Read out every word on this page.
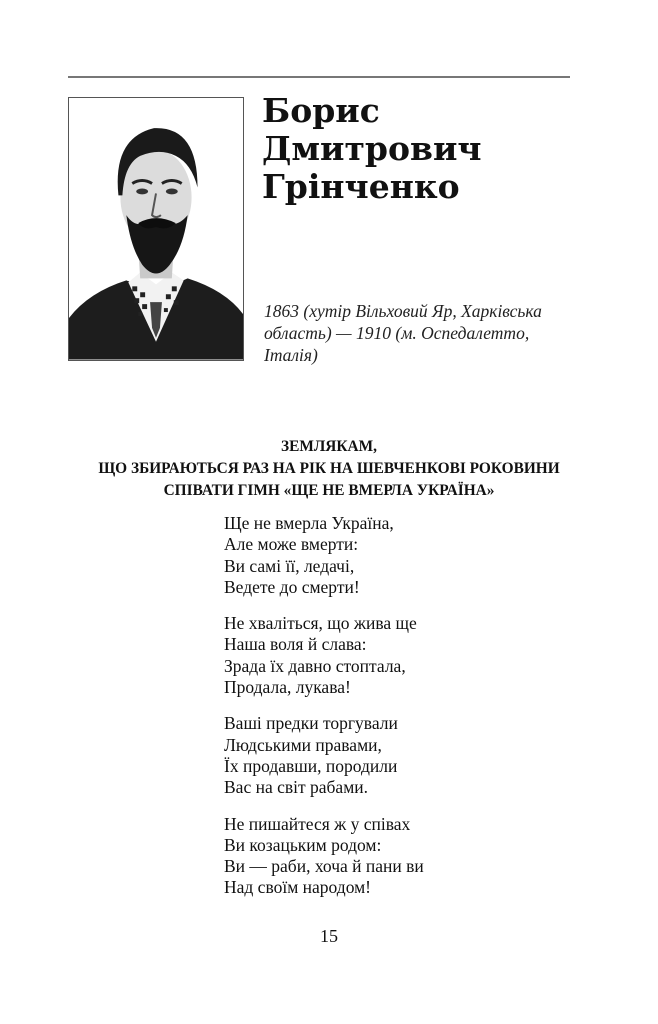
Борис
Дмитрович
Грінченко
1863 (хутір Вільховий Яр, Харківська
область) — 1910 (м. Оспедалетто,
Італія)
ЗЕМЛЯКАМ,
ЩО ЗБИРАЮТЬСЯ РАЗ НА РІК НА ШЕВЧЕНКОВІ РОКОВИНИ
СПІВАТИ ГІМН «ЩЕ НЕ ВМЕРЛА УКРАЇНА»
Ще не вмерла Україна,
Але може вмерти:
Ви самі її, ледачі,
Ведете до смерти!
Не хваліться, що жива ще
Наша воля й слава:
Зрада їх давно стоптала,
Продала, лукава!
Ваші предки торгували
Людськими правами,
Їх продавши, породили
Вас на світ рабами.
Не пишайтеся ж у співах
Ви козацьким родом:
Ви — раби, хоча й пани ви
Над своїм народом!
15
